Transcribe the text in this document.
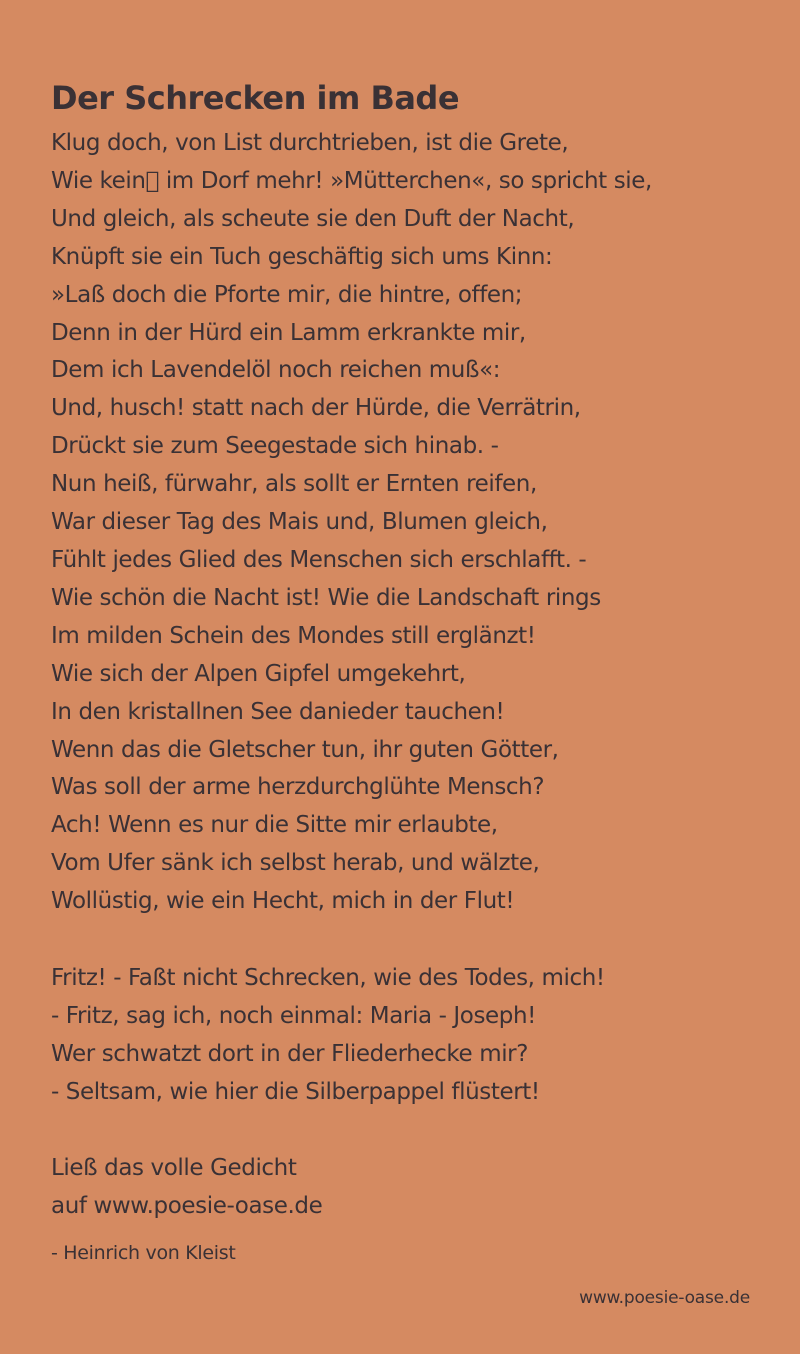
Der Schrecken im Bade
Klug doch, von List durchtrieben, ist die Grete,
Wie kein  im Dorf mehr! »Mütterchen«, so spricht sie,
Und gleich, als scheute sie den Duft der Nacht,
Knüpft sie ein Tuch geschäftig sich ums Kinn:
»Laß doch die Pforte mir, die hintre, offen;
Denn in der Hürd ein Lamm erkrankte mir,
Dem ich Lavendelöl noch reichen muß«:
Und, husch! statt nach der Hürde, die Verrätrin,
Drückt sie zum Seegestade sich hinab. -
Nun heiß, fürwahr, als sollt er Ernten reifen,
War dieser Tag des Mais und, Blumen gleich,
Fühlt jedes Glied des Menschen sich erschlafft. -
Wie schön die Nacht ist! Wie die Landschaft rings
Im milden Schein des Mondes still erglänzt!
Wie sich der Alpen Gipfel umgekehrt,
In den kristallnen See danieder tauchen!
Wenn das die Gletscher tun, ihr guten Götter,
Was soll der arme herzdurchglühte Mensch?
Ach! Wenn es nur die Sitte mir erlaubte,
Vom Ufer sänk ich selbst herab, und wälzte,
Wollüstig, wie ein Hecht, mich in der Flut!
Fritz! - Faßt nicht Schrecken, wie des Todes, mich!
- Fritz, sag ich, noch einmal: Maria - Joseph!
Wer schwatzt dort in der Fliederhecke mir?
- Seltsam, wie hier die Silberpappel flüstert!
Ließ das volle Gedicht
auf www.poesie-oase.de
- Heinrich von Kleist
www.poesie-oase.de
